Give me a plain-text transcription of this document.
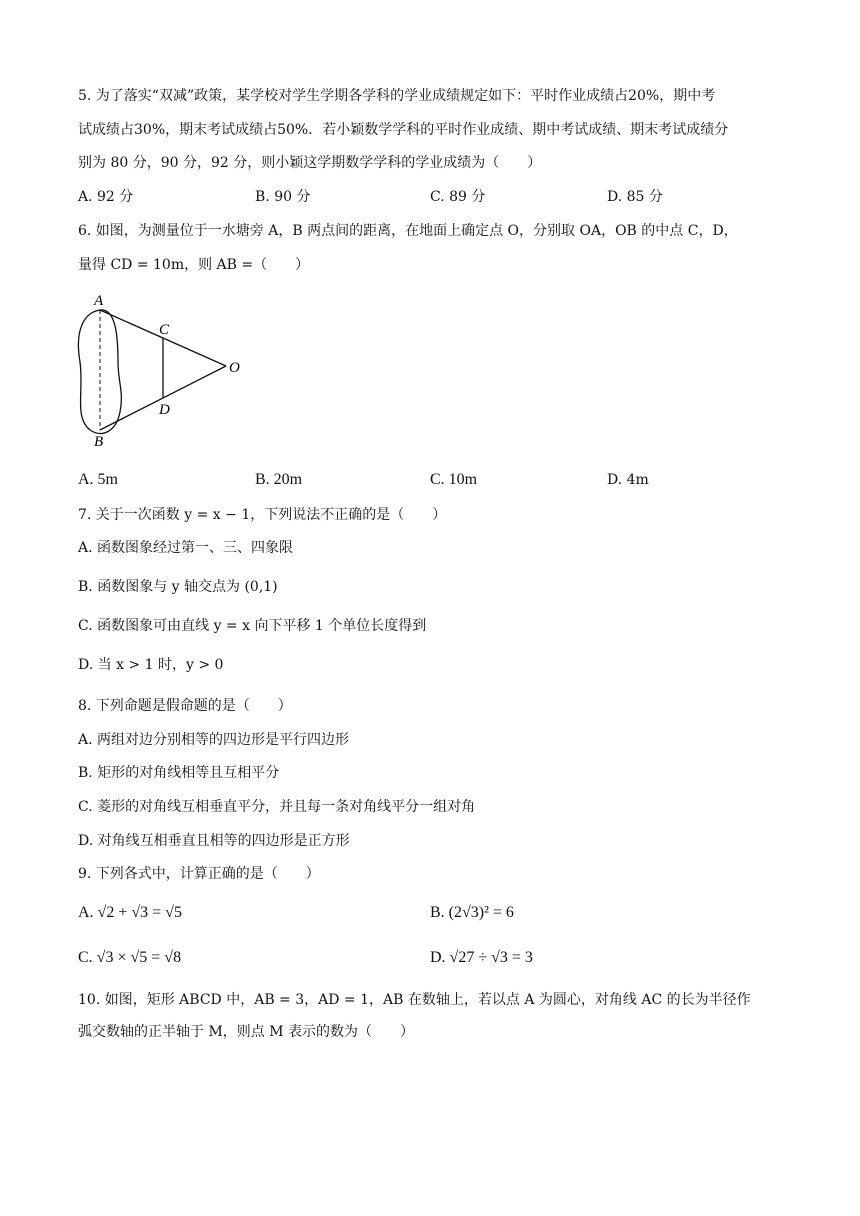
5. 为了落实“双减”政策，某学校对学生学期各学科的学业成绩规定如下：平时作业成绩占20%，期中考
试成绩占30%，期末考试成绩占50%．若小颖数学学科的平时作业成绩、期中考试成绩、期末考试成绩分
别为 80 分，90 分，92 分，则小颖这学期数学学科的学业成绩为（　　）
A. 92 分	B. 90 分	C. 89 分	D. 85 分
6. 如图，为测量位于一水塘旁 A，B 两点间的距离，在地面上确定点 O，分别取 OA，OB 的中点 C，D，
量得 CD = 10m，则 AB =（　　）
A
B
C
D
O
A. 5m	B. 20m	C. 10m	D. 4m
7. 关于一次函数 y = x − 1，下列说法不正确的是（　　）
A. 函数图象经过第一、三、四象限
B. 函数图象与 y 轴交点为 (0,1)
C. 函数图象可由直线 y = x 向下平移 1 个单位长度得到
D. 当 x > 1 时，y > 0
8. 下列命题是假命题的是（　　）
A. 两组对边分别相等的四边形是平行四边形
B. 矩形的对角线相等且互相平分
C. 菱形的对角线互相垂直平分，并且每一条对角线平分一组对角
D. 对角线互相垂直且相等的四边形是正方形
9. 下列各式中，计算正确的是（　　）
A. √2 + √3 = √5	B. (2√3)² = 6
C. √3 × √5 = √8	D. √27 ÷ √3 = 3
10. 如图，矩形 ABCD 中，AB = 3，AD = 1，AB 在数轴上，若以点 A 为圆心，对角线 AC 的长为半径作
弧交数轴的正半轴于 M，则点 M 表示的数为（　　）
